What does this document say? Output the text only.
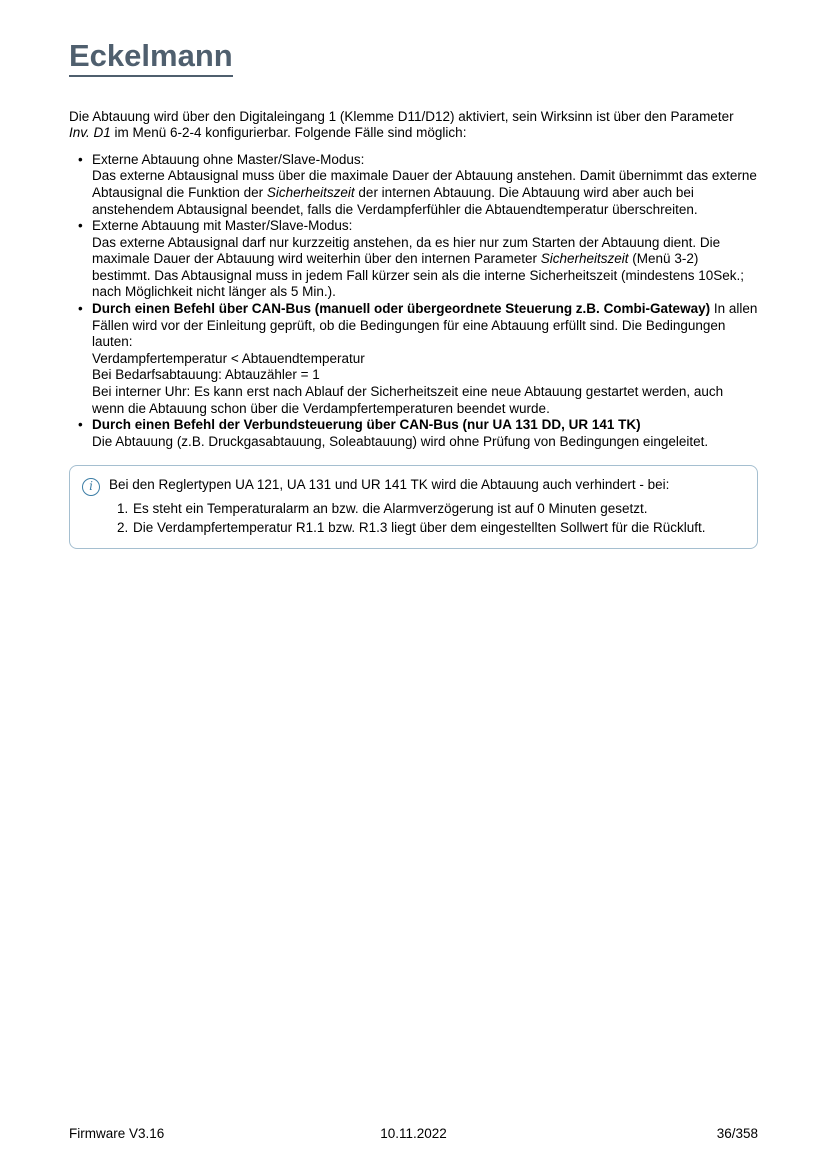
Eckelmann

Die Abtauung wird über den Digitaleingang 1 (Klemme D11/D12) aktiviert, sein Wirksinn ist über den Parameter Inv. D1 im Menü 6-2-4 konfigurierbar. Folgende Fälle sind möglich:

• Externe Abtauung ohne Master/Slave-Modus:
Das externe Abtausignal muss über die maximale Dauer der Abtauung anstehen. Damit übernimmt das externe Abtausignal die Funktion der Sicherheitszeit der internen Abtauung. Die Abtauung wird aber auch bei anstehendem Abtausignal beendet, falls die Verdampferfühler die Abtauendtemperatur überschreiten.
• Externe Abtauung mit Master/Slave-Modus:
Das externe Abtausignal darf nur kurzzeitig anstehen, da es hier nur zum Starten der Abtauung dient. Die maximale Dauer der Abtauung wird weiterhin über den internen Parameter Sicherheitszeit (Menü 3-2) bestimmt. Das Abtausignal muss in jedem Fall kürzer sein als die interne Sicherheitszeit (mindestens 10Sek.; nach Möglichkeit nicht länger als 5 Min.).
• Durch einen Befehl über CAN-Bus (manuell oder übergeordnete Steuerung z.B. Combi-Gateway) In allen Fällen wird vor der Einleitung geprüft, ob die Bedingungen für eine Abtauung erfüllt sind. Die Bedingungen lauten:
Verdampfertemperatur < Abtauendtemperatur
Bei Bedarfsabtauung: Abtauzähler = 1
Bei interner Uhr: Es kann erst nach Ablauf der Sicherheitszeit eine neue Abtauung gestartet werden, auch wenn die Abtauung schon über die Verdampfertemperaturen beendet wurde.
• Durch einen Befehl der Verbundsteuerung über CAN-Bus (nur UA 131 DD, UR 141 TK)
Die Abtauung (z.B. Druckgasabtauung, Soleabtauung) wird ohne Prüfung von Bedingungen eingeleitet.
i	Bei den Reglertypen UA 121, UA 131 und UR 141 TK wird die Abtauung auch verhindert - bei:
1. Es steht ein Temperaturalarm an bzw. die Alarmverzögerung ist auf 0 Minuten gesetzt.
2. Die Verdampfertemperatur R1.1 bzw. R1.3 liegt über dem eingestellten Sollwert für die Rückluft.
Firmware V3.16	10.11.2022	36/358
